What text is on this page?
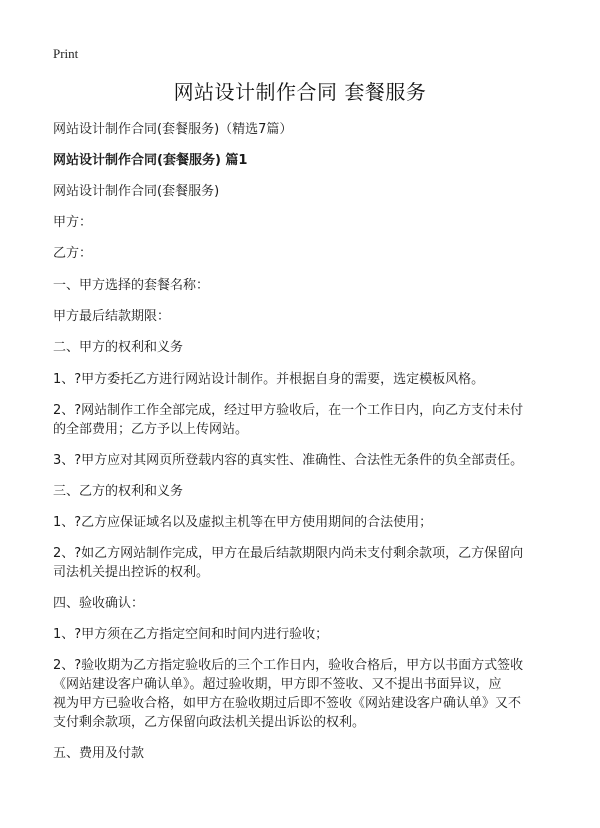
Print
网站设计制作合同 套餐服务
网站设计制作合同(套餐服务)（精选7篇）
网站设计制作合同(套餐服务) 篇1
网站设计制作合同(套餐服务)
甲方：
乙方：
一、甲方选择的套餐名称：
甲方最后结款期限：
二、甲方的权利和义务
1、?甲方委托乙方进行网站设计制作。并根据自身的需要，选定模板风格。
2、?网站制作工作全部完成，经过甲方验收后，在一个工作日内，向乙方支付未付
的全部费用；乙方予以上传网站。
3、?甲方应对其网页所登载内容的真实性、准确性、合法性无条件的负全部责任。
三、乙方的权利和义务
1、?乙方应保证域名以及虚拟主机等在甲方使用期间的合法使用；
2、?如乙方网站制作完成，甲方在最后结款期限内尚未支付剩余款项，乙方保留向
司法机关提出控诉的权利。
四、验收确认：
1、?甲方须在乙方指定空间和时间内进行验收；
2、?验收期为乙方指定验收后的三个工作日内，验收合格后，甲方以书面方式签收
《网站建设客户确认单》。超过验收期，甲方即不签收、又不提出书面异议，应
视为甲方已验收合格，如甲方在验收期过后即不签收《网站建设客户确认单》又不
支付剩余款项，乙方保留向政法机关提出诉讼的权利。
五、费用及付款
